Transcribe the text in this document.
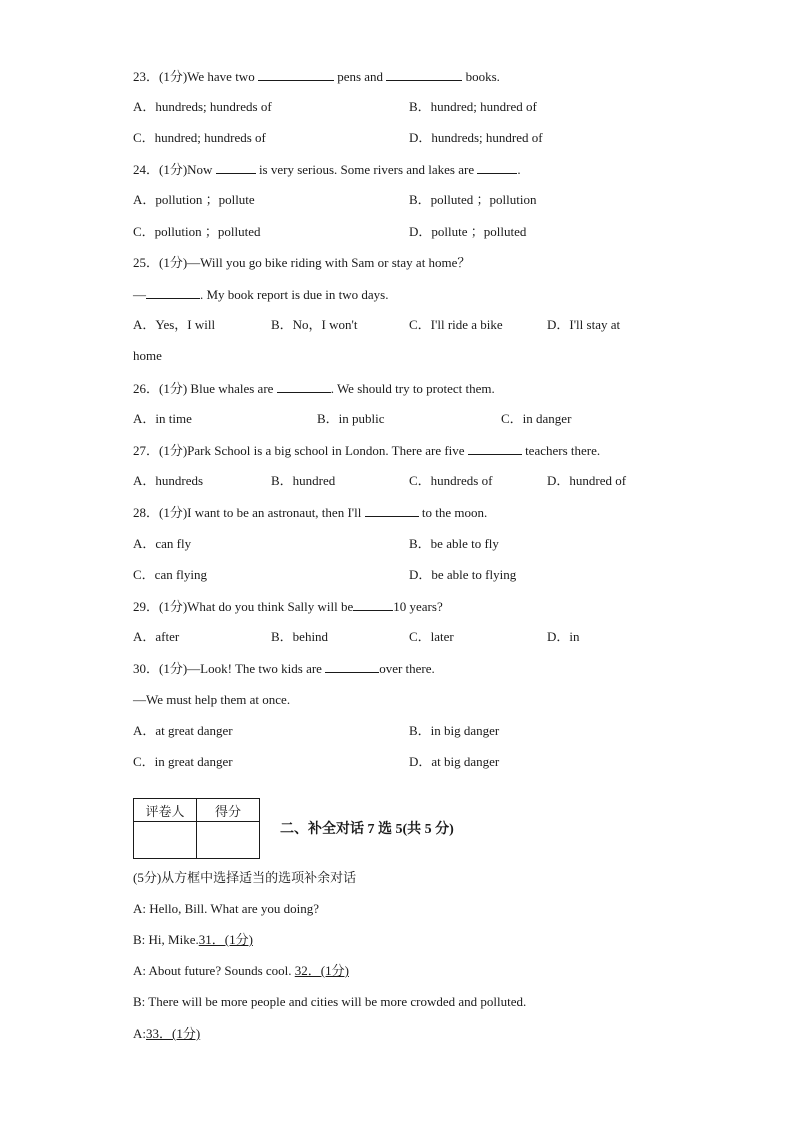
23．(1分)We have two	pens and	books.
A．hundreds; hundreds of	B．hundred; hundred of
C．hundred; hundreds of	D．hundreds; hundred of
24．(1分)Now	is very serious. Some rivers and lakes are	.
A．pollution ；pollute	B．polluted ；pollution
C．pollution ；polluted	D．pollute ；polluted
25．(1分)—Will you go bike riding with Sam or stay at home？
—	. My book report is due in two days.
A．Yes，I will	B．No，I won't	C．I'll ride a bike	D．I'll stay at
home
26．(1分) Blue whales are	. We should try to protect them.
A．in time	B．in public	C．in danger
27．(1分)Park School is a big school in London. There are five	teachers there.
A．hundreds	B．hundred	C．hundreds of	D．hundred of
28．(1分)I want to be an astronaut, then I'll	to the moon.
A．can fly	B．be able to fly
C．can flying	D．be able to flying
29．(1分)What do you think Sally will be	10 years?
A．after	B．behind	C．later	D．in
30．(1分)—Look! The two kids are	over there.
—We must help them at once.
A．at great danger	B．in big danger
C．in great danger	D．at big danger
评卷人	得分

二、补全对话 7 选 5(共 5 分)
(5分)从方框中选择适当的选项补余对话
A: Hello, Bill. What are you doing?
B: Hi, Mike.31．(1分)
A: About future? Sounds cool. 32．(1分)
B: There will be more people and cities will be more crowded and polluted.
A:33．(1分)
